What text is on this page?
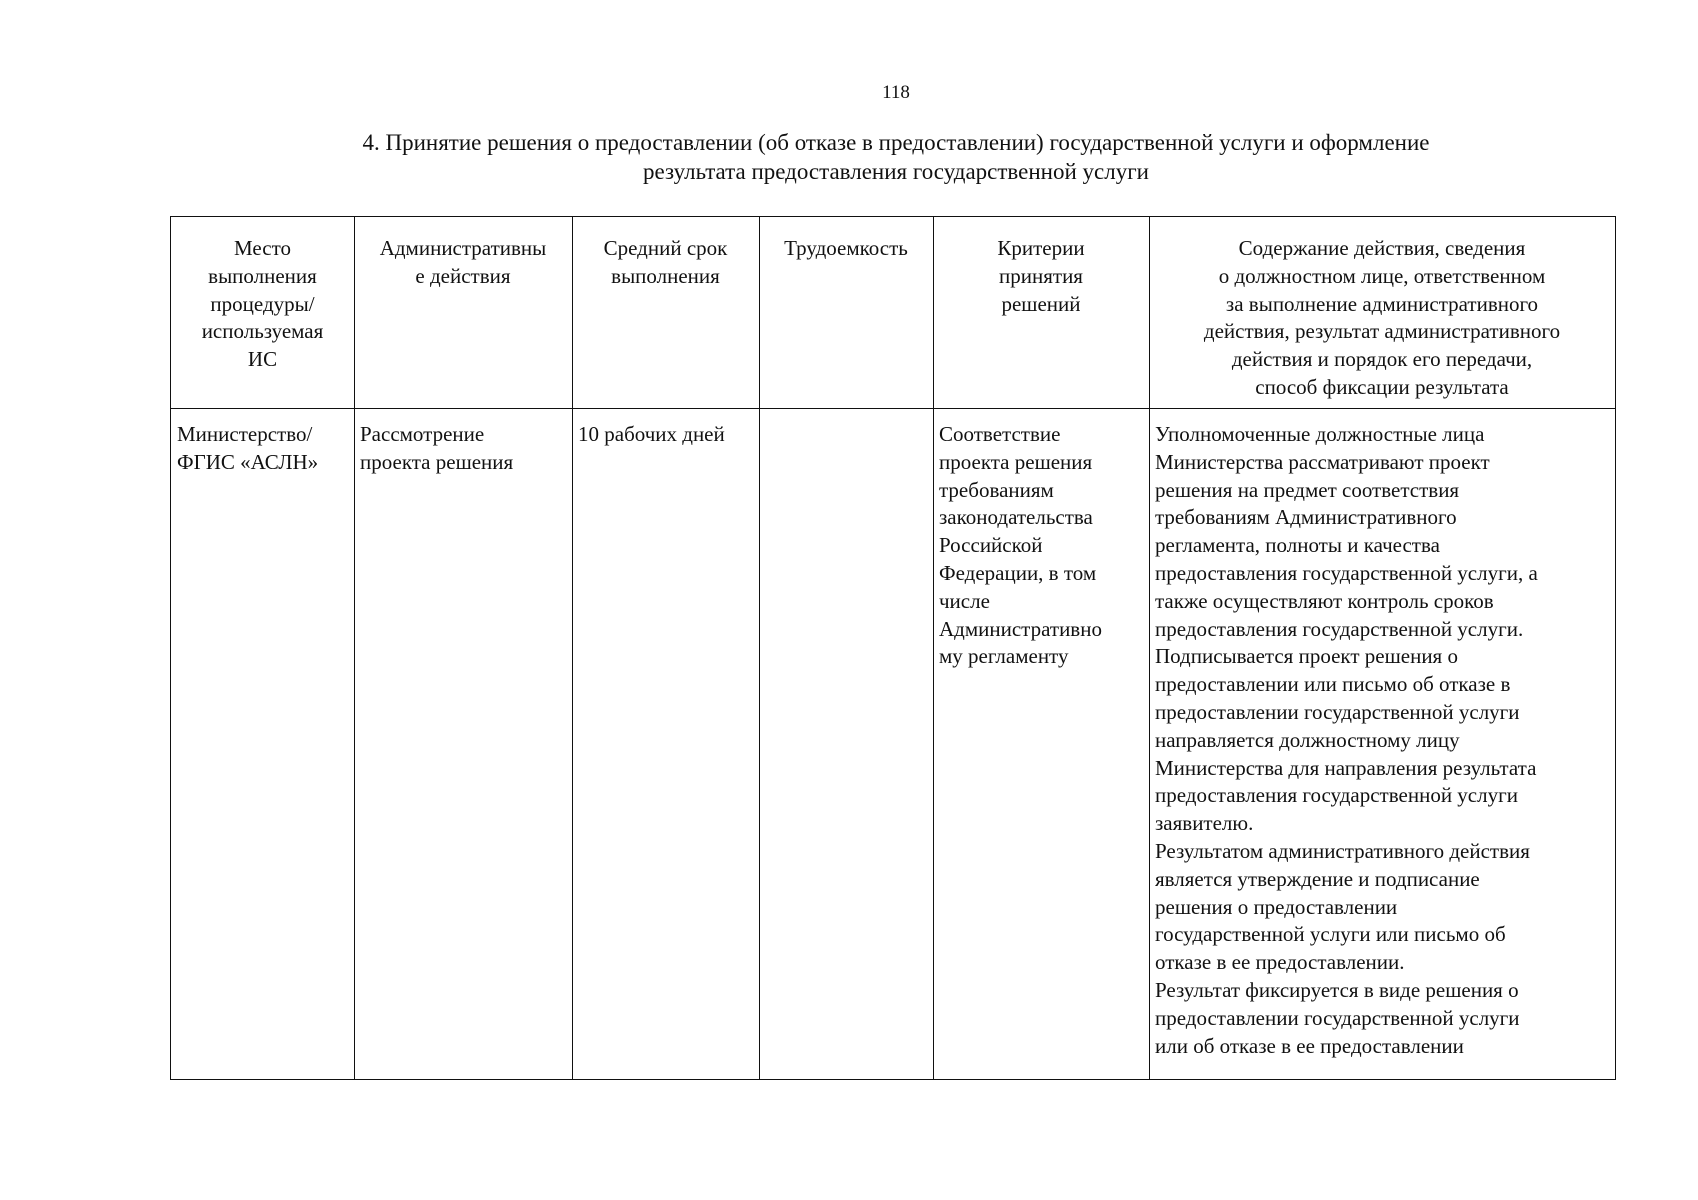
118
4. Принятие решения о предоставлении (об отказе в предоставлении) государственной услуги и оформление
результата предоставления государственной услуги
Место
выполнения
процедуры/
используемая
ИС
Административны
е действия
Средний срок
выполнения
Трудоемкость	Критерии
принятия
решений
Содержание действия, сведения
о должностном лице, ответственном
за выполнение административного
действия, результат административного
действия и порядок его передачи,
способ фиксации результата
Министерство/
ФГИС «АСЛН»
Рассмотрение
проекта решения
10 рабочих дней	Соответствие
проекта решения
требованиям
законодательства
Российской
Федерации, в том
числе
Административно
му регламенту
Уполномоченные должностные лица
Министерства рассматривают проект
решения на предмет соответствия
требованиям Административного
регламента, полноты и качества
предоставления государственной услуги, а
также осуществляют контроль сроков
предоставления государственной услуги.
Подписывается проект решения о
предоставлении или письмо об отказе в
предоставлении государственной услуги
направляется должностному лицу
Министерства для направления результата
предоставления государственной услуги
заявителю.
Результатом административного действия
является утверждение и подписание
решения о предоставлении
государственной услуги или письмо об
отказе в ее предоставлении.
Результат фиксируется в виде решения о
предоставлении государственной услуги
или об отказе в ее предоставлении
